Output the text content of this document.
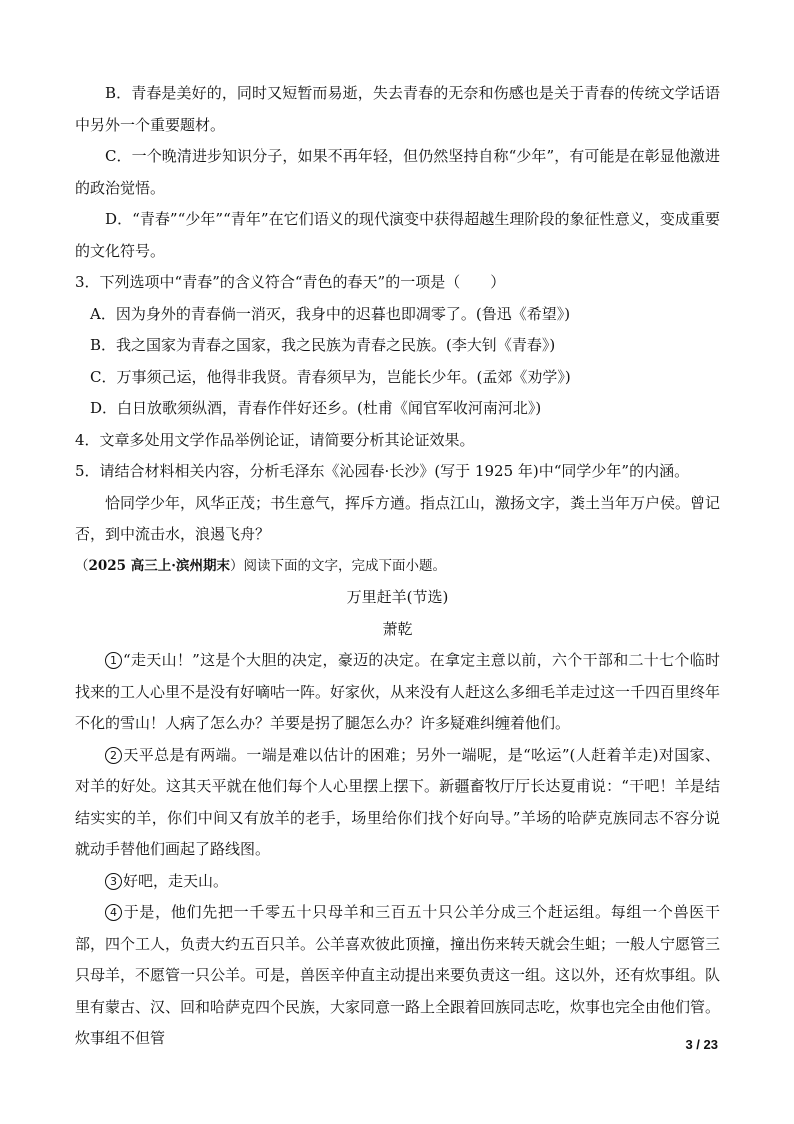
B．青春是美好的，同时又短暂而易逝，失去青春的无奈和伤感也是关于青春的传统文学话语中另外一个重要题材。

C．一个晚清进步知识分子，如果不再年轻，但仍然坚持自称“少年”，有可能是在彰显他激进的政治觉悟。

D．“青春”“少年”“青年”在它们语义的现代演变中获得超越生理阶段的象征性意义，变成重要的文化符号。

3．下列选项中“青春”的含义符合“青色的春天”的一项是（　　）

A．因为身外的青春倘一消灭，我身中的迟暮也即凋零了。(鲁迅《希望》)

B．我之国家为青春之国家，我之民族为青春之民族。(李大钊《青春》)

C．万事须己运，他得非我贤。青春须早为，岂能长少年。(孟郊《劝学》)

D．白日放歌须纵酒，青春作伴好还乡。(杜甫《闻官军收河南河北》)

4．文章多处用文学作品举例论证，请简要分析其论证效果。

5．请结合材料相关内容，分析毛泽东《沁园春·长沙》(写于 1925 年)中“同学少年”的内涵。

恰同学少年，风华正茂；书生意气，挥斥方遒。指点江山，激扬文字，粪土当年万户侯。曾记否，到中流击水，浪遏飞舟？

（2025 高三上·滨州期末）阅读下面的文字，完成下面小题。

万里赶羊(节选)

萧乾

1 “走天山！”这是个大胆的决定，豪迈的决定。在拿定主意以前，六个干部和二十七个临时找来的工人心里不是没有好嘀咕一阵。好家伙，从来没有人赶这么多细毛羊走过这一千四百里终年不化的雪山！人病了怎么办？羊要是拐了腿怎么办？许多疑难纠缠着他们。

2 天平总是有两端。一端是难以估计的困难；另外一端呢，是“吆运”(人赶着羊走)对国家、对羊的好处。这其天平就在他们每个人心里摆上摆下。新疆畜牧厅厅长达夏甫说：“干吧！羊是结结实实的羊，你们中间又有放羊的老手，场里给你们找个好向导。”羊场的哈萨克族同志不容分说就动手替他们画起了路线图。

3 好吧，走天山。

4 于是，他们先把一千零五十只母羊和三百五十只公羊分成三个赶运组。每组一个兽医干部，四个工人，负责大约五百只羊。公羊喜欢彼此顶撞，撞出伤来转天就会生蛆；一般人宁愿管三只母羊，不愿管一只公羊。可是，兽医辛仲直主动提出来要负责这一组。这以外，还有炊事组。队里有蒙古、汉、回和哈萨克四个民族，大家同意一路上全跟着回族同志吃，炊事也完全由他们管。炊事组不但管	3 / 23
